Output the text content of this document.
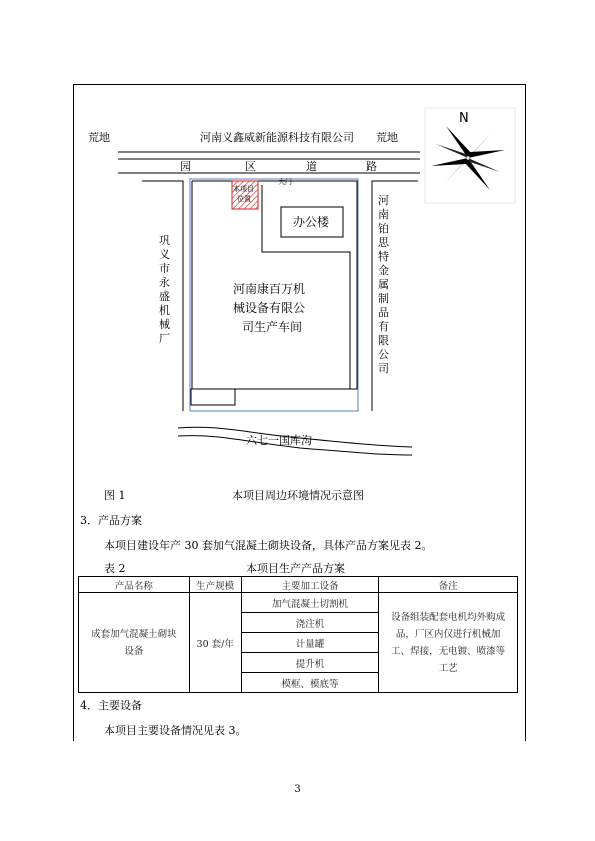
荒地	荒地
河南义鑫威新能源科技有限公司
园	区	道	路
本项目
位置
大门
办公楼
河南康百万机
械设备有限公
司生产车间
巩
义
市
永
盛
机
械
厂
河
南
铂
思
特
金
属
制
品
有
限
公
司
六七一国库沟
N
图 1	本项目周边环境情况示意图
3．产品方案
本项目建设年产 30 套加气混凝土砌块设备，具体产品方案见表 2。
表 2	本项目生产产品方案
产品名称	生产规模	主要加工设备	备注
成套加气混凝土砌块设备	30 套/年	加气混凝土切割机	设备组装配套电机均外购成品，厂区内仅进行机械加工、焊接，无电镀、喷漆等工艺
		浇注机	
		计量罐	
		提升机	
		模框、模底等	
4．主要设备
本项目主要设备情况见表 3。
3
